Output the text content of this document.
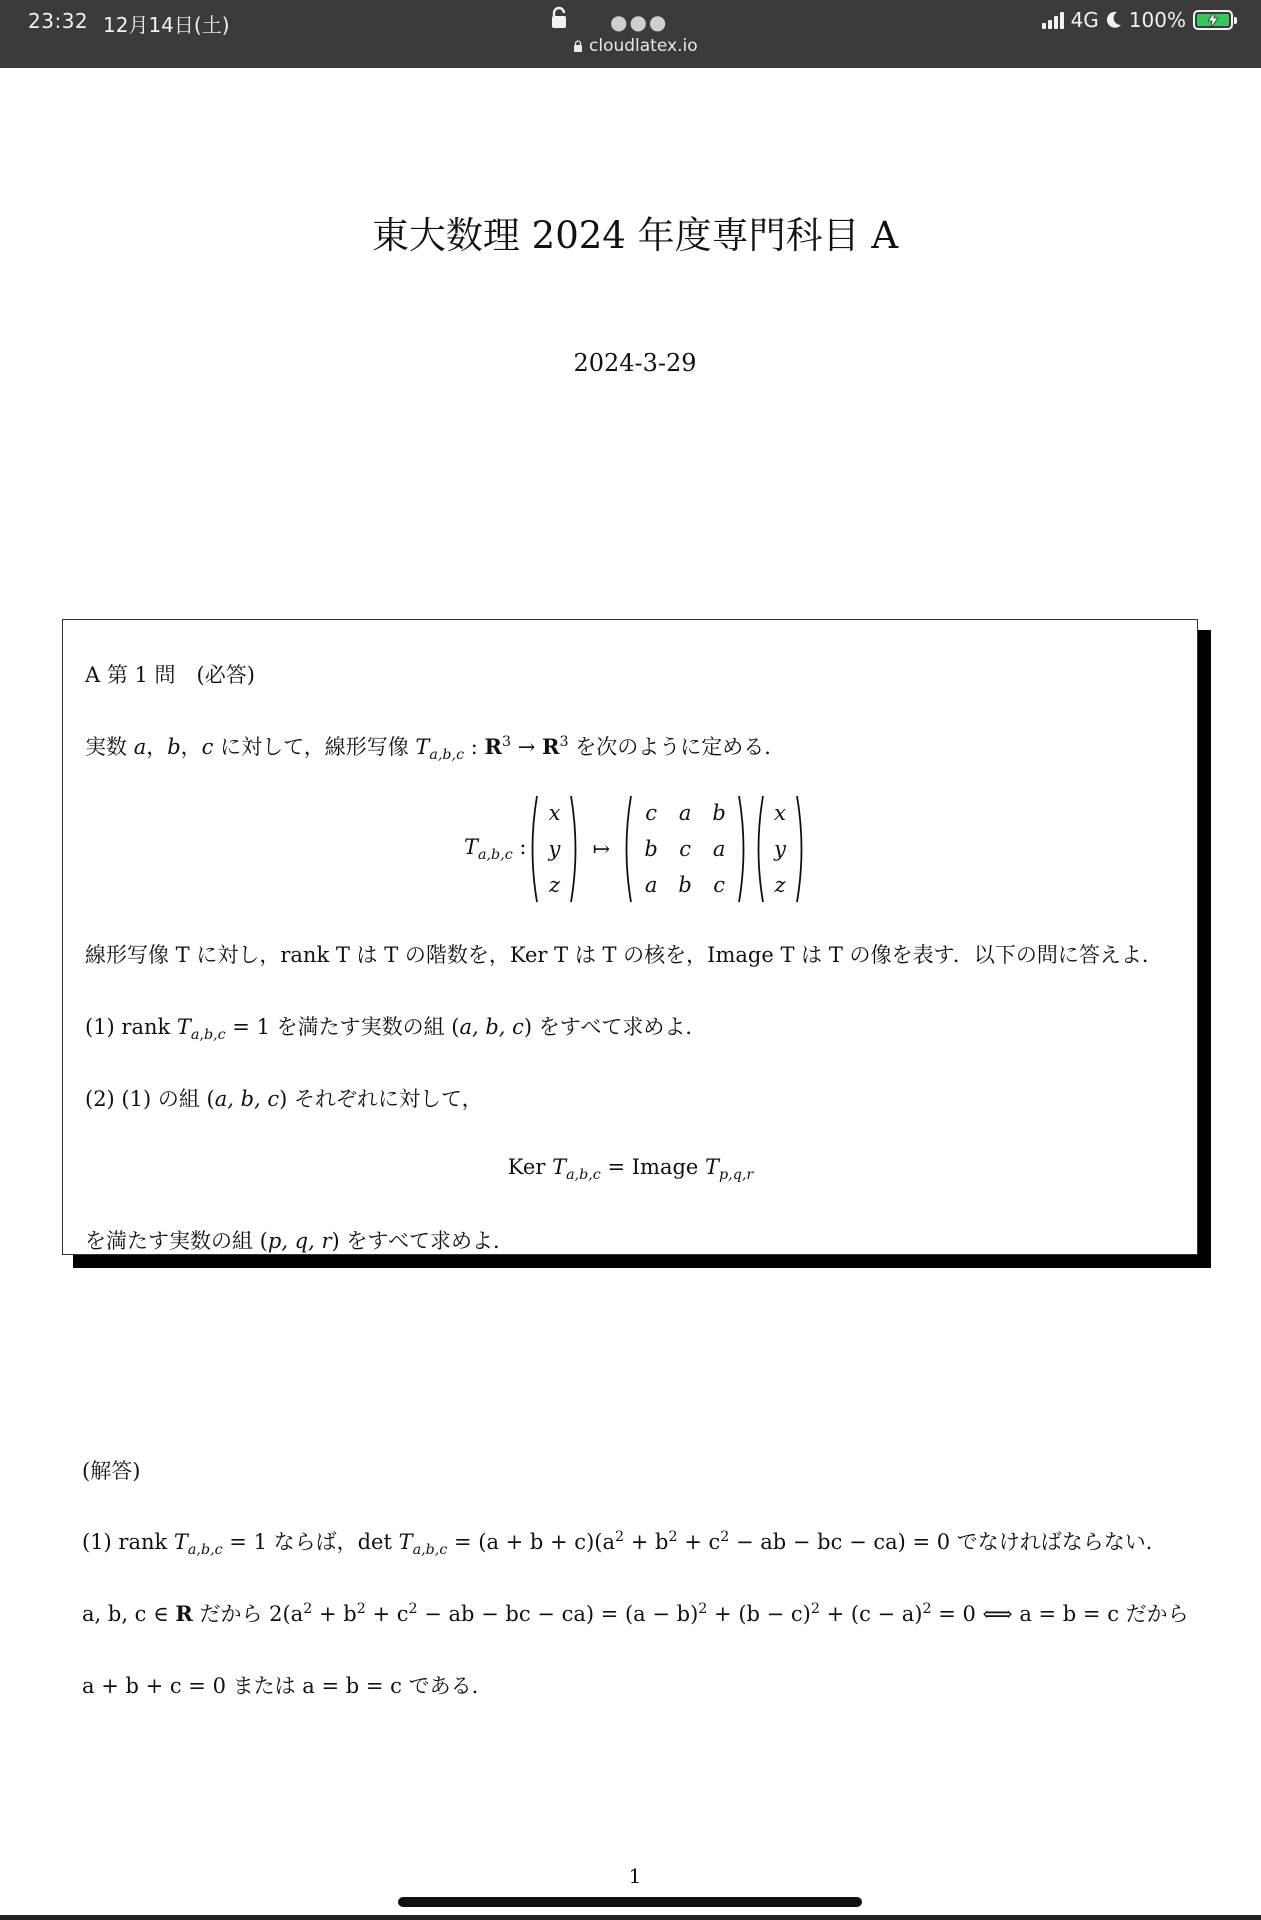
23:32 12月14日(土)	●●●
cloudlatex.io
4G 100%
東大数理 2024 年度専門科目 A
2024-3-29
A 第 1 問　(必答)
実数 a，b，c に対して，線形写像 $T_{a,b,c}$ : $R^3 \to R^3$ を次のように定める．
$T_{a,b,c}$ :
x
y
z
↦
c	a	b
b	c	a
a	b	c
x
y
z
線形写像 T に対し，rank T は T の階数を，Ker T は T の核を，Image T は T の像を表す．以下の問に答えよ．
(1) rank $T_{a,b,c} = 1$ を満たす実数の組 (a, b, c) をすべて求めよ．
(2) (1) の組 (a, b, c) それぞれに対して，
Ker $T_{a,b,c}$ = Image $T_{p,q,r}$
を満たす実数の組 (p, q, r) をすべて求めよ．
(解答)
(1) rank $T_{a,b,c} = 1$ ならば，$\det T_{a,b,c} = (a + b + c)(a^2 + b^2 + c^2$ − ab − bc − ca) = 0 でなければならない．
a, b, c ∈ R だから $2(a^2 + b^2 + c^2$ − ab − bc − $ca) = (a - b)^2 + (b - c)^2 + (c - a)^2 = 0$ ⟺ a = b = c だから
a + b + c = 0 または a = b = c である．
1
